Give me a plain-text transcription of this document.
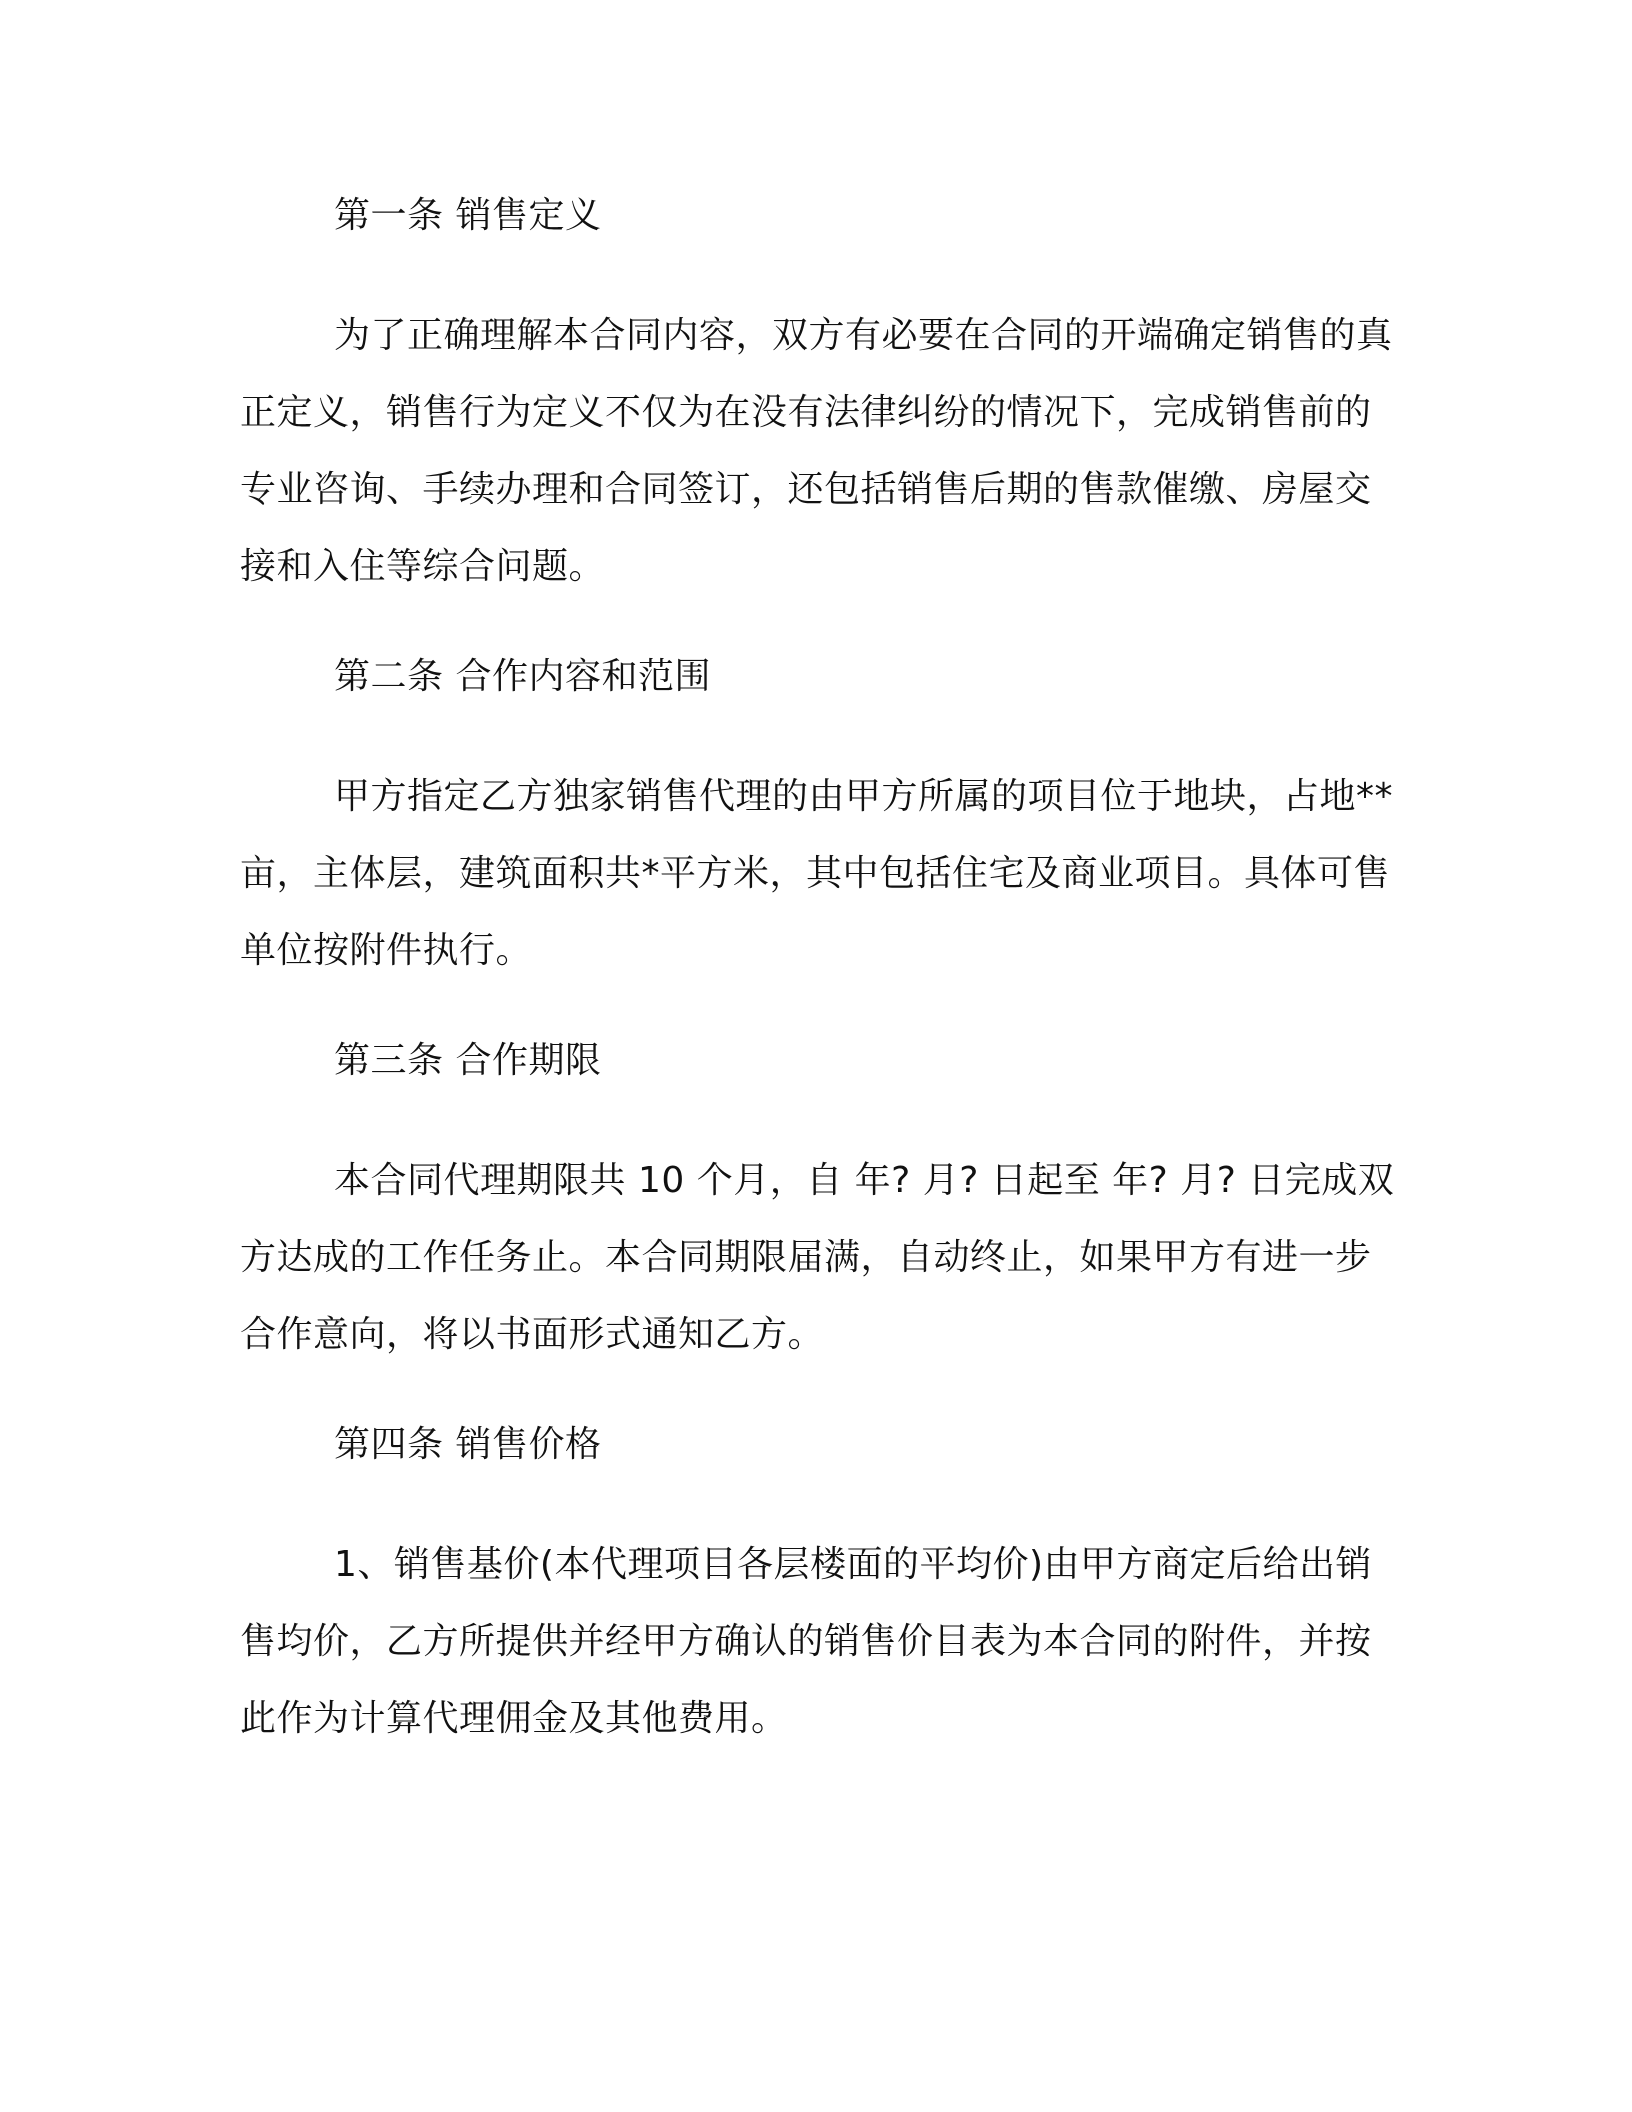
第一条 销售定义
为了正确理解本合同内容，双方有必要在合同的开端确定销售的真正定义，销售行为定义不仅为在没有法律纠纷的情况下，完成销售前的专业咨询、手续办理和合同签订，还包括销售后期的售款催缴、房屋交接和入住等综合问题。
第二条 合作内容和范围
甲方指定乙方独家销售代理的由甲方所属的项目位于地块，占地**亩，主体层，建筑面积共*平方米，其中包括住宅及商业项目。具体可售单位按附件执行。
第三条 合作期限
本合同代理期限共 10 个月，自 年? 月? 日起至 年? 月? 日完成双方达成的工作任务止。本合同期限届满，自动终止，如果甲方有进一步合作意向，将以书面形式通知乙方。
第四条 销售价格
1、销售基价(本代理项目各层楼面的平均价)由甲方商定后给出销售均价，乙方所提供并经甲方确认的销售价目表为本合同的附件，并按此作为计算代理佣金及其他费用。
